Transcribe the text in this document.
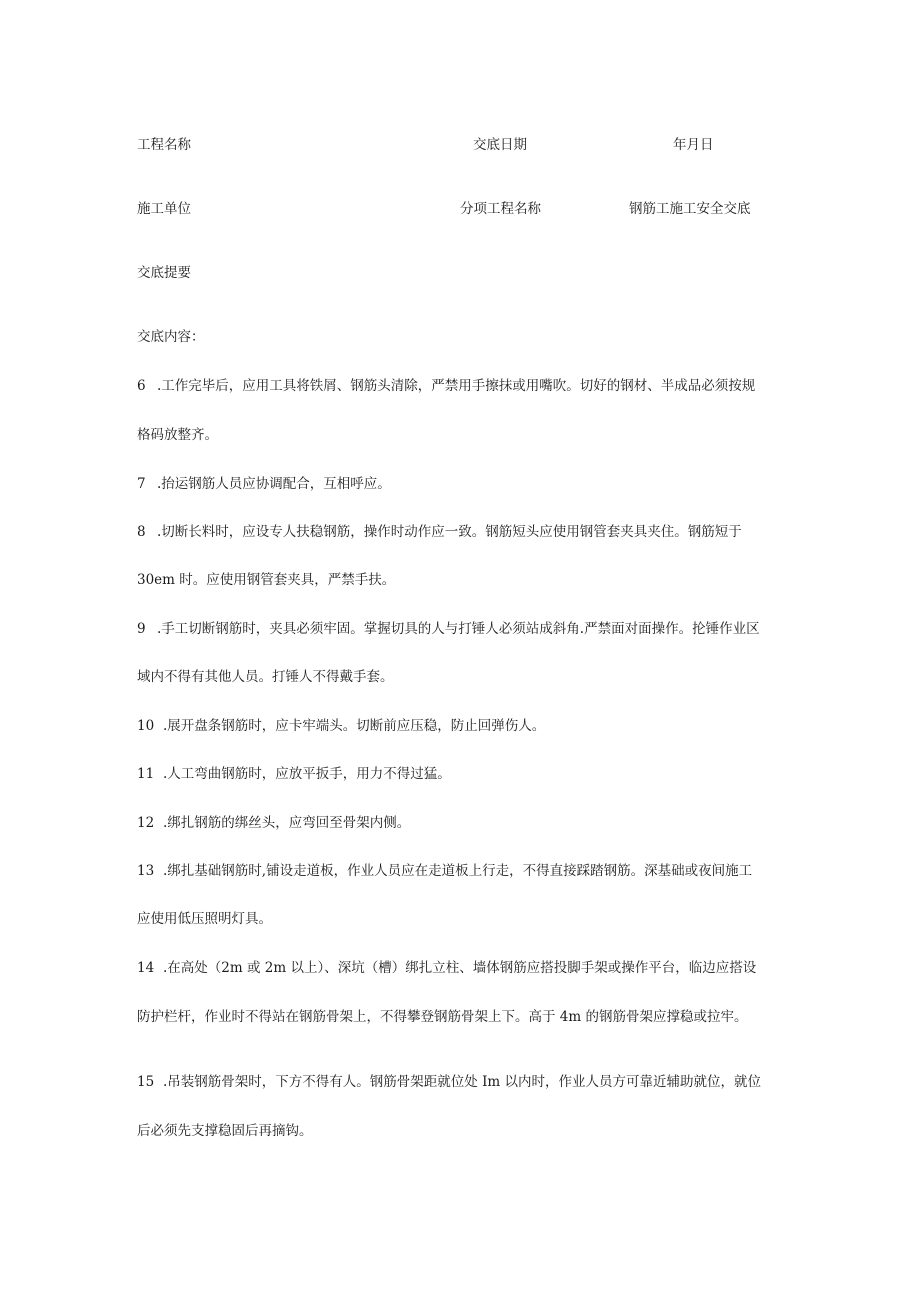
工程名称	交底日期	年月日
施工单位	分项工程名称	钢筋工施工安全交底
交底提要
交底内容：
6 .工作完毕后，应用工具将铁屑、钢筋头清除，严禁用手擦抹或用嘴吹。切好的钢材、半成品必须按规
格码放整齐。
7 .抬运钢筋人员应协调配合，互相呼应。
8 .切断长料时，应设专人扶稳钢筋，操作时动作应一致。钢筋短头应使用钢管套夹具夹住。钢筋短于
30em 时。应使用钢管套夹具，严禁手扶。
9 .手工切断钢筋时，夹具必须牢固。掌握切具的人与打锤人必须站成斜角.严禁面对面操作。抡锤作业区
域内不得有其他人员。打锤人不得戴手套。
10 .展开盘条钢筋时，应卡牢端头。切断前应压稳，防止回弹伤人。
11 .人工弯曲钢筋时，应放平扳手，用力不得过猛。
12 .绑扎钢筋的绑丝头，应弯回至骨架内侧。
13 .绑扎基础钢筋时,铺设走道板，作业人员应在走道板上行走，不得直接踩踏钢筋。深基础或夜间施工
应使用低压照明灯具。
14 .在高处（2m 或 2m 以上）、深坑（槽）绑扎立柱、墙体钢筋应搭投脚手架或操作平台，临边应搭设
防护栏杆，作业时不得站在钢筋骨架上，不得攀登钢筋骨架上下。高于 4m 的钢筋骨架应撑稳或拉牢。
15 .吊装钢筋骨架时，下方不得有人。钢筋骨架距就位处 Im 以内时，作业人员方可靠近辅助就位，就位
后必须先支撑稳固后再摘钩。
